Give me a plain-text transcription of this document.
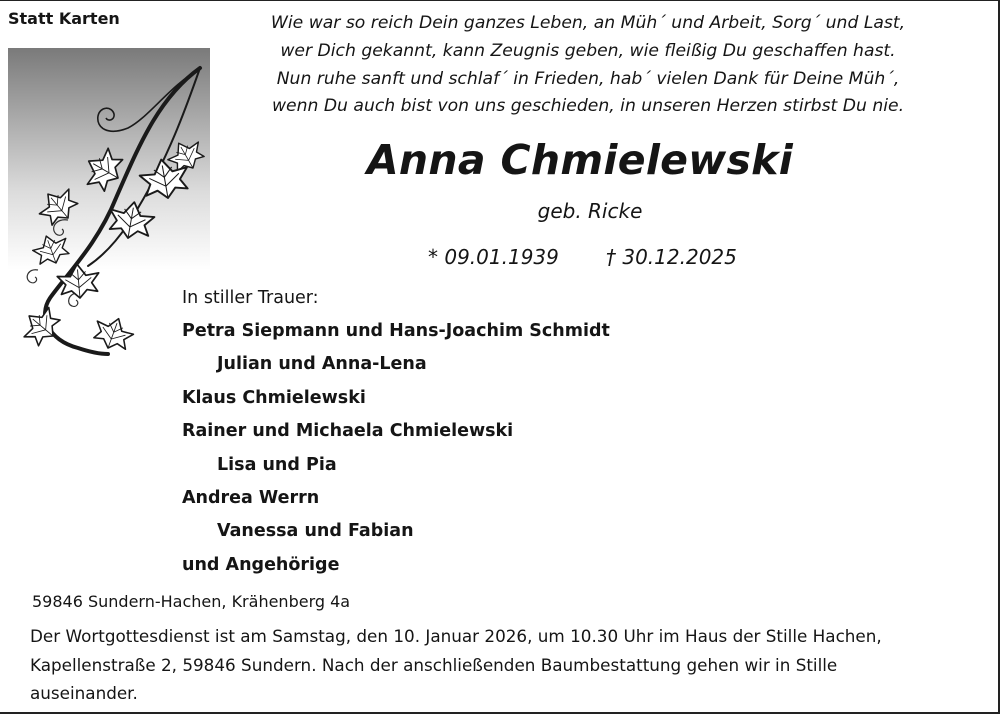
Statt Karten	Wie war so reich Dein ganzes Leben, an Müh´ und Arbeit, Sorg´ und Last,
wer Dich gekannt, kann Zeugnis geben, wie fleißig Du geschaffen hast.
Nun ruhe sanft und schlaf´ in Frieden, hab´ vielen Dank für Deine Müh´,
wenn Du auch bist von uns geschieden, in unseren Herzen stirbst Du nie.
Anna Chmielewski
geb. Ricke
* 09.01.1939 † 30.12.2025
In stiller Trauer:
Petra Siepmann und Hans-Joachim Schmidt
Julian und Anna-Lena
Klaus Chmielewski
Rainer und Michaela Chmielewski
Lisa und Pia
Andrea Werrn
Vanessa und Fabian
und Angehörige
59846 Sundern-Hachen, Krähenberg 4a
Der Wortgottesdienst ist am Samstag, den 10. Januar 2026, um 10.30 Uhr im Haus der Stille Hachen,
Kapellenstraße 2, 59846 Sundern. Nach der anschließenden Baumbestattung gehen wir in Stille
auseinander.
